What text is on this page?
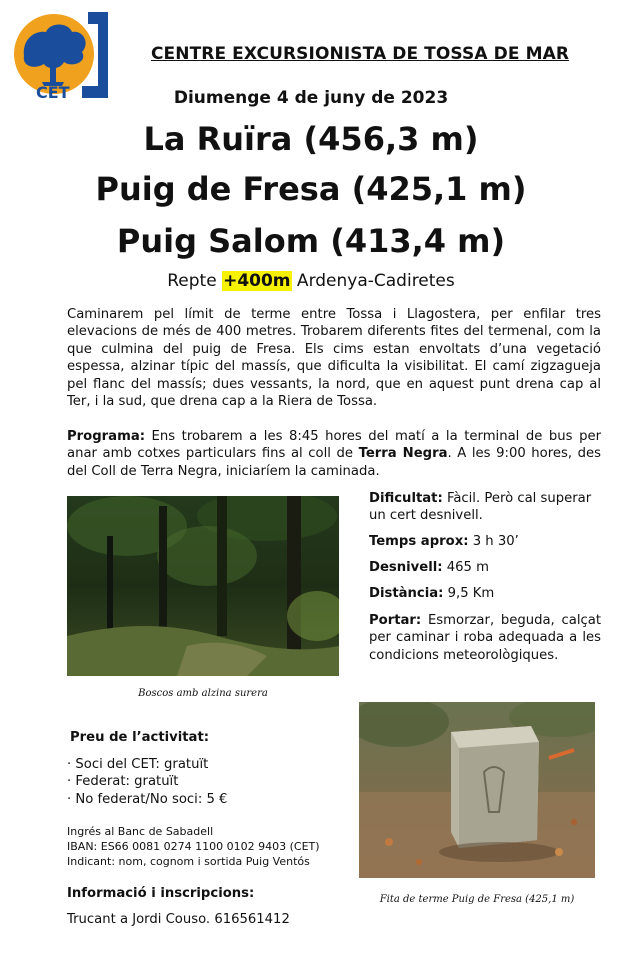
CET
CENTRE EXCURSIONISTA DE TOSSA DE MAR
Diumenge 4 de juny de 2023
La Ruïra (456,3 m)
Puig de Fresa (425,1 m)
Puig Salom (413,4 m)
Repte +400m Ardenya-Cadiretes
Caminarem pel límit de terme entre Tossa i Llagostera, per enfilar tres elevacions de més de 400 metres. Trobarem diferents fites del termenal, com la que culmina del puig de Fresa. Els cims estan envoltats d’una vegetació espessa, alzinar típic del massís, que dificulta la visibilitat. El camí zigzagueja pel flanc del massís; dues vessants, la nord, que en aquest punt drena cap al Ter, i la sud, que drena cap a la Riera de Tossa.
Programa: Ens trobarem a les 8:45 hores del matí a la terminal de bus per anar amb cotxes particulars fins al coll de Terra Negra. A les 9:00 hores, des del Coll de Terra Negra, iniciaríem la caminada.
Boscos amb alzina surera
Dificultat: Fàcil. Però cal superar un cert desnivell.
Temps aprox: 3 h 30’
Desnivell: 465 m
Distància: 9,5 Km
Portar: Esmorzar, beguda, calçat per caminar i roba adequada a les condicions meteorològiques.
Fita de terme Puig de Fresa (425,1 m)
Preu de l’activitat:
· Soci del CET: gratuït
· Federat: gratuït
· No federat/No soci: 5 €
Ingrés al Banc de Sabadell
IBAN: ES66 0081 0274 1100 0102 9403 (CET)
Indicant: nom, cognom i sortida Puig Ventós
Informació i inscripcions:
Trucant a Jordi Couso. 616561412
